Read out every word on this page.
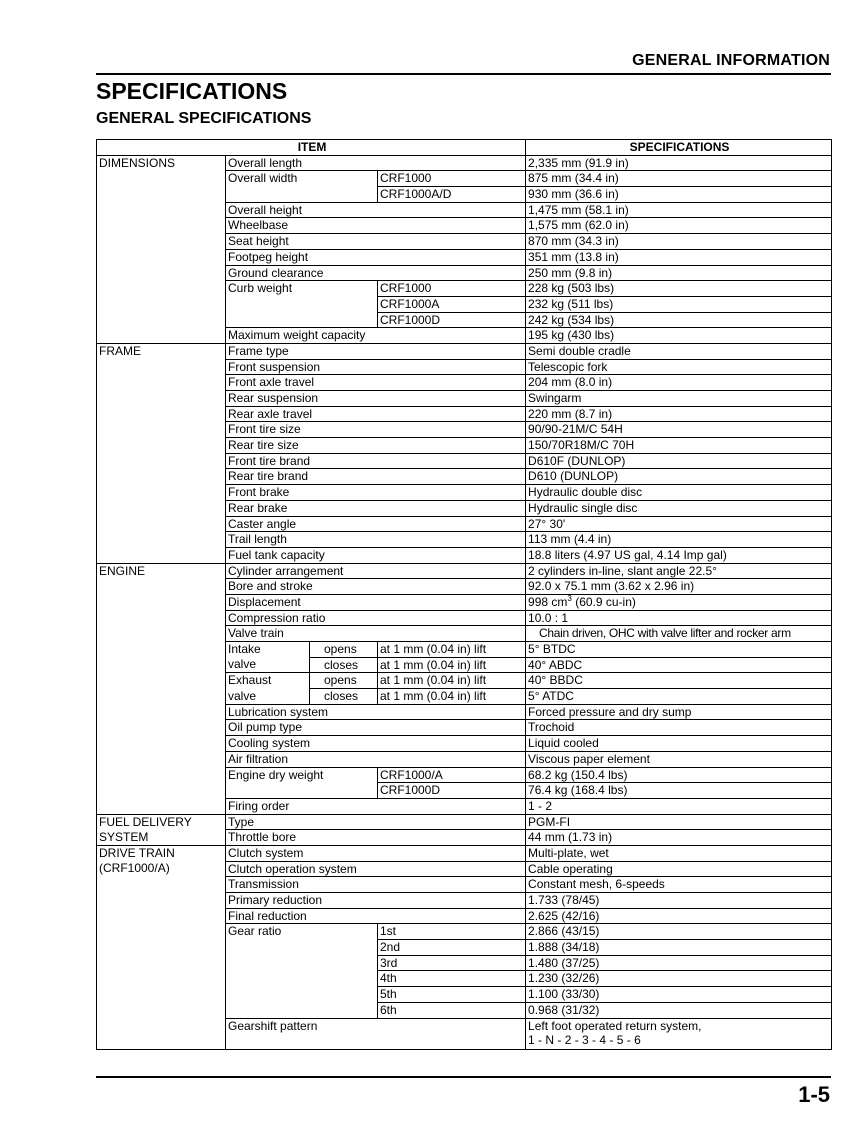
GENERAL INFORMATION
SPECIFICATIONS
GENERAL SPECIFICATIONS
ITEM				SPECIFICATIONS
DIMENSIONS	Overall length			2,335 mm (91.9 in)
	Overall width		CRF1000	875 mm (34.4 in)
			CRF1000A/D	930 mm (36.6 in)
	Overall height			1,475 mm (58.1 in)
	Wheelbase			1,575 mm (62.0 in)
	Seat height			870 mm (34.3 in)
	Footpeg height			351 mm (13.8 in)
	Ground clearance			250 mm (9.8 in)
	Curb weight		CRF1000	228 kg (503 lbs)
			CRF1000A	232 kg (511 lbs)
			CRF1000D	242 kg (534 lbs)
	Maximum weight capacity			195 kg (430 lbs)
FRAME	Frame type			Semi double cradle
	Front suspension			Telescopic fork
	Front axle travel			204 mm (8.0 in)
	Rear suspension			Swingarm
	Rear axle travel			220 mm (8.7 in)
	Front tire size			90/90-21M/C 54H
	Rear tire size			150/70R18M/C 70H
	Front tire brand			D610F (DUNLOP)
	Rear tire brand			D610 (DUNLOP)
	Front brake			Hydraulic double disc
	Rear brake			Hydraulic single disc
	Caster angle			27° 30'
	Trail length			113 mm (4.4 in)
	Fuel tank capacity			18.8 liters (4.97 US gal, 4.14 Imp gal)
ENGINE	Cylinder arrangement			2 cylinders in-line, slant angle 22.5°
	Bore and stroke			92.0 x 75.1 mm (3.62 x 2.96 in)
	Displacement			998 $cm^3$ (60.9 cu-in)
	Compression ratio			10.0 : 1
	Valve train			Chain driven, OHC with valve lifter and rocker arm
	Intake	opens	at 1 mm (0.04 in) lift	5° BTDC
	valve	closes	at 1 mm (0.04 in) lift	40° ABDC
	Exhaust	opens	at 1 mm (0.04 in) lift	40° BBDC
	valve	closes	at 1 mm (0.04 in) lift	5° ATDC
	Lubrication system			Forced pressure and dry sump
	Oil pump type			Trochoid
	Cooling system			Liquid cooled
	Air filtration			Viscous paper element
	Engine dry weight		CRF1000/A	68.2 kg (150.4 lbs)
			CRF1000D	76.4 kg (168.4 lbs)
	Firing order			1 - 2
FUEL DELIVERY	Type			PGM-FI
SYSTEM	Throttle bore			44 mm (1.73 in)
DRIVE TRAIN	Clutch system			Multi-plate, wet
(CRF1000/A)	Clutch operation system			Cable operating
	Transmission			Constant mesh, 6-speeds
	Primary reduction			1.733 (78/45)
	Final reduction			2.625 (42/16)
	Gear ratio		1st	2.866 (43/15)
			2nd	1.888 (34/18)
			3rd	1.480 (37/25)
			4th	1.230 (32/26)
			5th	1.100 (33/30)
			6th	0.968 (31/32)
	Gearshift pattern			Left foot operated return system,
1 - N - 2 - 3 - 4 - 5 - 6
1-5
